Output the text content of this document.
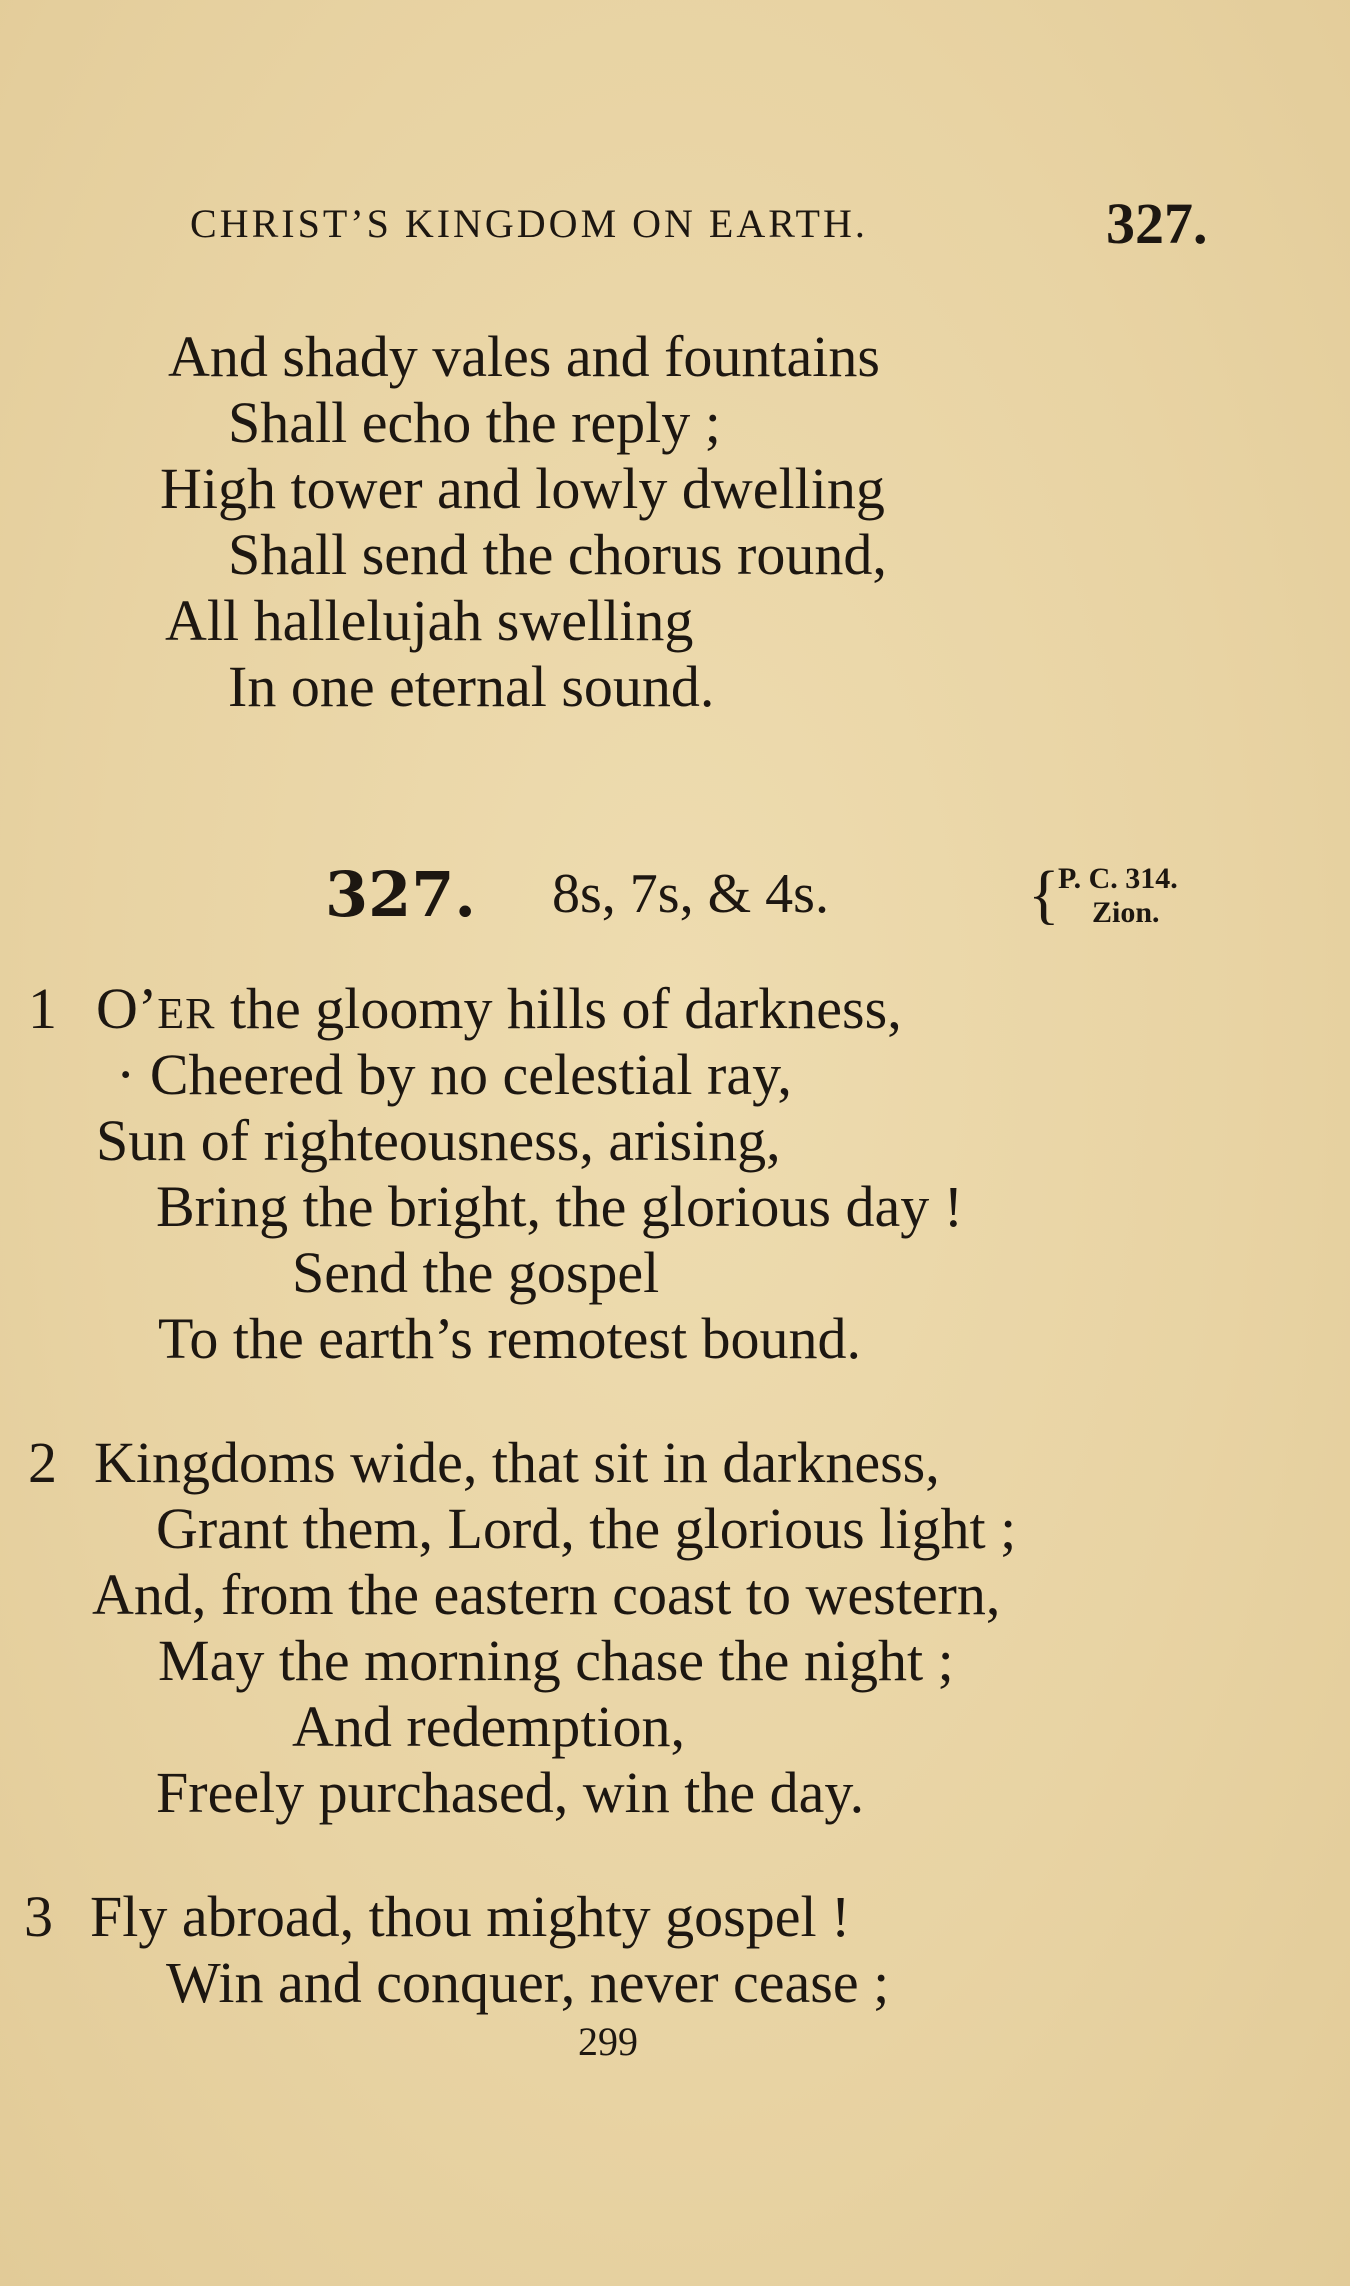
CHRIST’S KINGDOM ON EARTH.	327.
And shady vales and fountains
Shall echo the reply ;
High tower and lowly dwelling
Shall send the chorus round,
All hallelujah swelling
In one eternal sound.
327. 8s, 7s, & 4s.	{
P. C. 314.
Zion.
1 O’ER the gloomy hills of darkness,
· Cheered by no celestial ray,
Sun of righteousness, arising,
Bring the bright, the glorious day !
Send the gospel
To the earth’s remotest bound.
2 Kingdoms wide, that sit in darkness,
Grant them, Lord, the glorious light ;
And, from the eastern coast to western,
May the morning chase the night ;
And redemption,
Freely purchased, win the day.
3 Fly abroad, thou mighty gospel !
Win and conquer, never cease ;
299
